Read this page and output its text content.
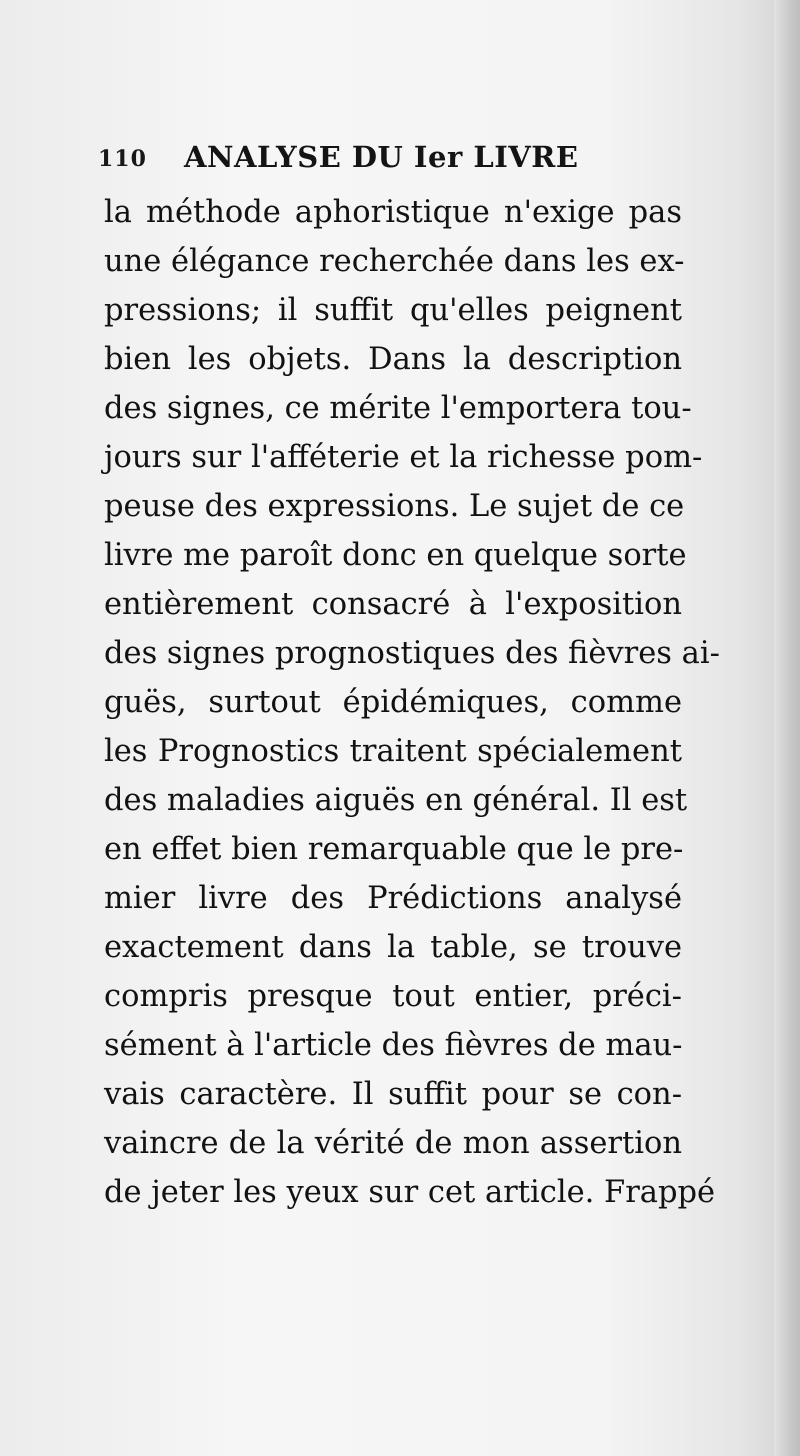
110 ANALYSE DU Ier LIVRE
la méthode aphoristique n'exige pas
une élégance recherchée dans les ex-
pressions; il suffit qu'elles peignent
bien les objets. Dans la description
des signes, ce mérite l'emportera tou-
jours sur l'afféterie et la richesse pom-
peuse des expressions. Le sujet de ce
livre me paroît donc en quelque sorte
entièrement consacré à l'exposition
des signes prognostiques des fièvres ai-
guës, surtout épidémiques, comme
les Prognostics traitent spécialement
des maladies aiguës en général. Il est
en effet bien remarquable que le pre-
mier livre des Prédictions analysé
exactement dans la table, se trouve
compris presque tout entier, préci-
sément à l'article des fièvres de mau-
vais caractère. Il suffit pour se con-
vaincre de la vérité de mon assertion
de jeter les yeux sur cet article. Frappé
